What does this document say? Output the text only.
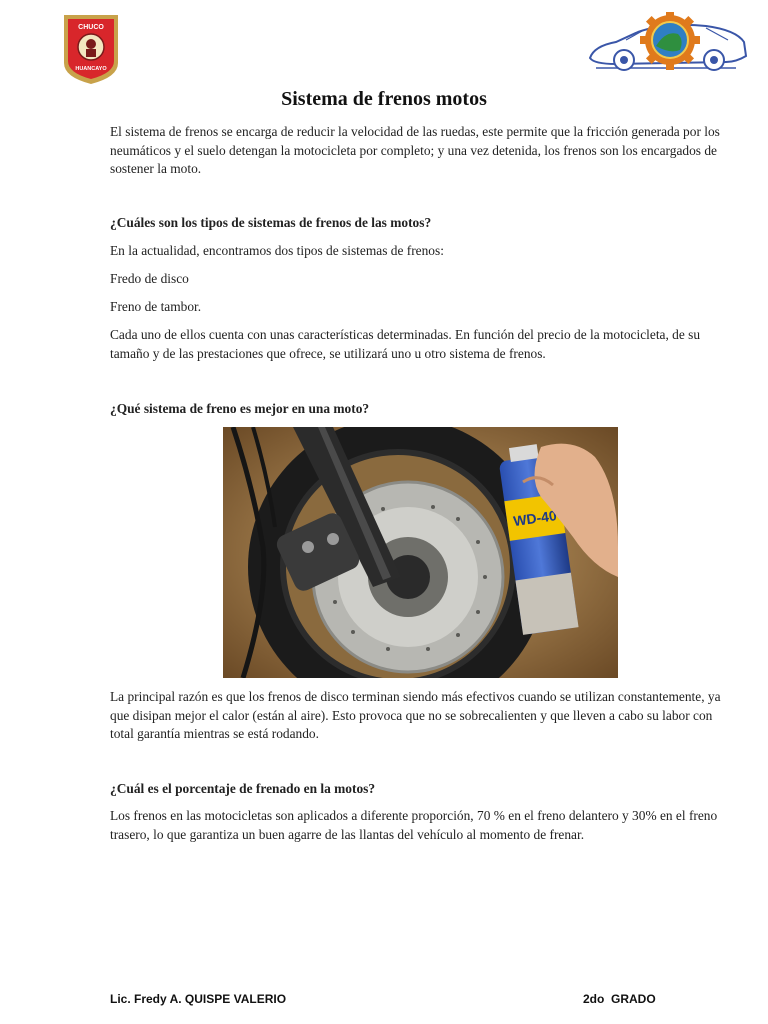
CHUCO
HUANCAYO
Sistema de frenos motos

El sistema de frenos se encarga de reducir la velocidad de las ruedas, este permite que la fricción generada por los neumáticos y el suelo detengan la motocicleta por completo; y una vez detenida, los frenos son los encargados de sostener la moto.

¿Cuáles son los tipos de sistemas de frenos de las motos?

En la actualidad, encontramos dos tipos de sistemas de frenos:

Fredo de disco

Freno de tambor.

Cada uno de ellos cuenta con unas características determinadas. En función del precio de la motocicleta, de su tamaño y de las prestaciones que ofrece, se utilizará uno u otro sistema de frenos.

¿Qué sistema de freno es mejor en una moto?

WD-40

La principal razón es que los frenos de disco terminan siendo más efectivos cuando se utilizan constantemente, ya que disipan mejor el calor (están al aire). Esto provoca que no se sobrecalienten y que lleven a cabo su labor con total garantía mientras se está rodando.

¿Cuál es el porcentaje de frenado en la motos?

Los frenos en las motocicletas son aplicados a diferente proporción, 70 % en el freno delantero y 30% en el freno trasero, lo que garantiza un buen agarre de las llantas del vehículo al momento de frenar.

Lic. Fredy A. QUISPE VALERIO	2do  GRADO
